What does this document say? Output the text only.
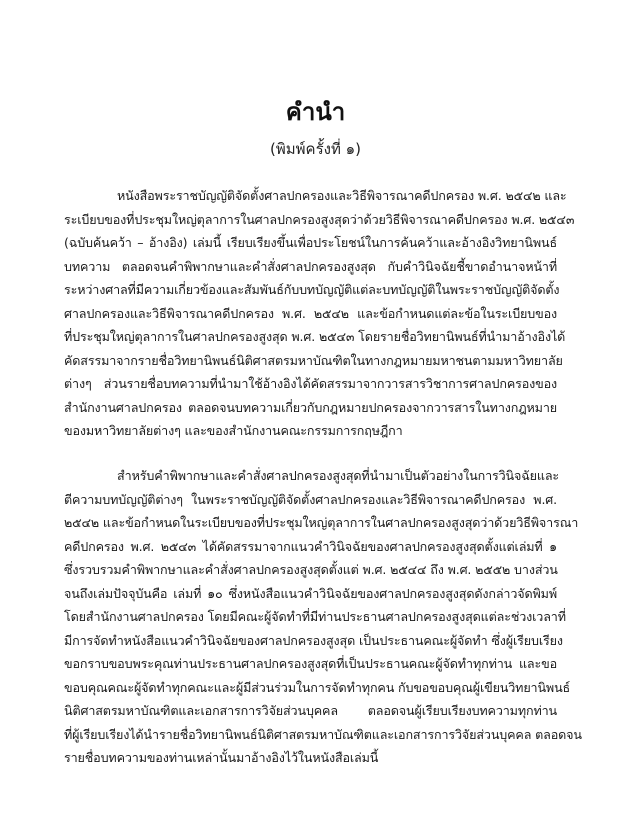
คำนำ
(พิมพ์ครั้งที่ ๑)
หนังสือพระราชบัญญัติจัดตั้งศาลปกครองและวิธีพิจารณาคดีปกครอง พ.ศ. ๒๕๔๒ และ
ระเบียบของที่ประชุมใหญ่ตุลาการในศาลปกครองสูงสุดว่าด้วยวิธีพิจารณาคดีปกครอง พ.ศ. ๒๕๔๓
(ฉบับค้นคว้า – อ้างอิง) เล่มนี้ เรียบเรียงขึ้นเพื่อประโยชน์ในการค้นคว้าและอ้างอิงวิทยานิพนธ์
บทความ ตลอดจนคำพิพากษาและคำสั่งศาลปกครองสูงสุด กับคำวินิจฉัยชี้ขาดอำนาจหน้าที่
ระหว่างศาลที่มีความเกี่ยวข้องและสัมพันธ์กับบทบัญญัติแต่ละบทบัญญัติในพระราชบัญญัติจัดตั้ง
ศาลปกครองและวิธีพิจารณาคดีปกครอง พ.ศ. ๒๕๔๒ และข้อกำหนดแต่ละข้อในระเบียบของ
ที่ประชุมใหญ่ตุลาการในศาลปกครองสูงสุด พ.ศ. ๒๕๔๓ โดยรายชื่อวิทยานิพนธ์ที่นำมาอ้างอิงได้
คัดสรรมาจากรายชื่อวิทยานิพนธ์นิติศาสตรมหาบัณฑิตในทางกฎหมายมหาชนตามมหาวิทยาลัย
ต่างๆ ส่วนรายชื่อบทความที่นำมาใช้อ้างอิงได้คัดสรรมาจากวารสารวิชาการศาลปกครองของ
สำนักงานศาลปกครอง ตลอดจนบทความเกี่ยวกับกฎหมายปกครองจากวารสารในทางกฎหมาย
ของมหาวิทยาลัยต่างๆ และของสำนักงานคณะกรรมการกฤษฎีกา
สำหรับคำพิพากษาและคำสั่งศาลปกครองสูงสุดที่นำมาเป็นตัวอย่างในการวินิจฉัยและ
ตีความบทบัญญัติต่างๆ ในพระราชบัญญัติจัดตั้งศาลปกครองและวิธีพิจารณาคดีปกครอง พ.ศ.
๒๕๔๒ และข้อกำหนดในระเบียบของที่ประชุมใหญ่ตุลาการในศาลปกครองสูงสุดว่าด้วยวิธีพิจารณา
คดีปกครอง พ.ศ. ๒๕๔๓ ได้คัดสรรมาจากแนวคำวินิจฉัยของศาลปกครองสูงสุดตั้งแต่เล่มที่ ๑
ซึ่งรวบรวมคำพิพากษาและคำสั่งศาลปกครองสูงสุดตั้งแต่ พ.ศ. ๒๕๔๔ ถึง พ.ศ. ๒๕๕๒ บางส่วน
จนถึงเล่มปัจจุบันคือ เล่มที่ ๑๐ ซึ่งหนังสือแนวคำวินิจฉัยของศาลปกครองสูงสุดดังกล่าวจัดพิมพ์
โดยสำนักงานศาลปกครอง โดยมีคณะผู้จัดทำที่มีท่านประธานศาลปกครองสูงสุดแต่ละช่วงเวลาที่
มีการจัดทำหนังสือแนวคำวินิจฉัยของศาลปกครองสูงสุด เป็นประธานคณะผู้จัดทำ ซึ่งผู้เรียบเรียง
ขอกราบขอบพระคุณท่านประธานศาลปกครองสูงสุดที่เป็นประธานคณะผู้จัดทำทุกท่าน และขอ
ขอบคุณคณะผู้จัดทำทุกคณะและผู้มีส่วนร่วมในการจัดทำทุกคน กับขอขอบคุณผู้เขียนวิทยานิพนธ์
นิติศาสตรมหาบัณฑิตและเอกสารการวิจัยส่วนบุคคล ตลอดจนผู้เรียบเรียงบทความทุกท่าน
ที่ผู้เรียบเรียงได้นำรายชื่อวิทยานิพนธ์นิติศาสตรมหาบัณฑิตและเอกสารการวิจัยส่วนบุคคล ตลอดจน
รายชื่อบทความของท่านเหล่านั้นมาอ้างอิงไว้ในหนังสือเล่มนี้
